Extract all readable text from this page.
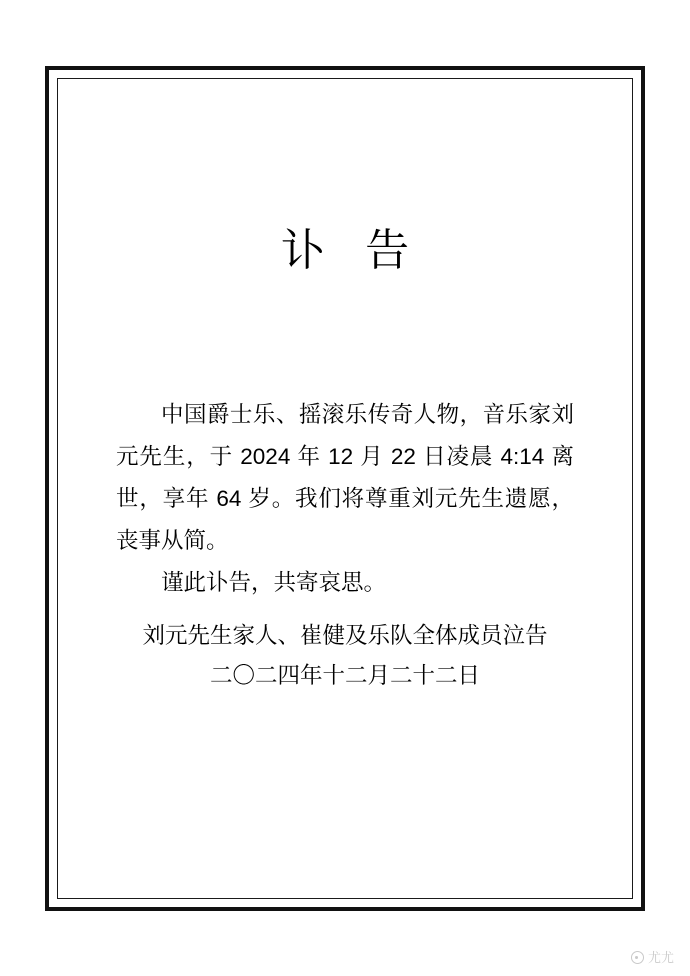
讣 告

中国爵士乐、摇滚乐传奇人物，音乐家刘元先生，于 2024 年 12 月 22 日凌晨 4:14 离世，享年 64 岁。我们将尊重刘元先生遗愿，丧事从简。

谨此讣告，共寄哀思。

刘元先生家人、崔健及乐队全体成员泣告

二〇二四年十二月二十二日

尤尤
